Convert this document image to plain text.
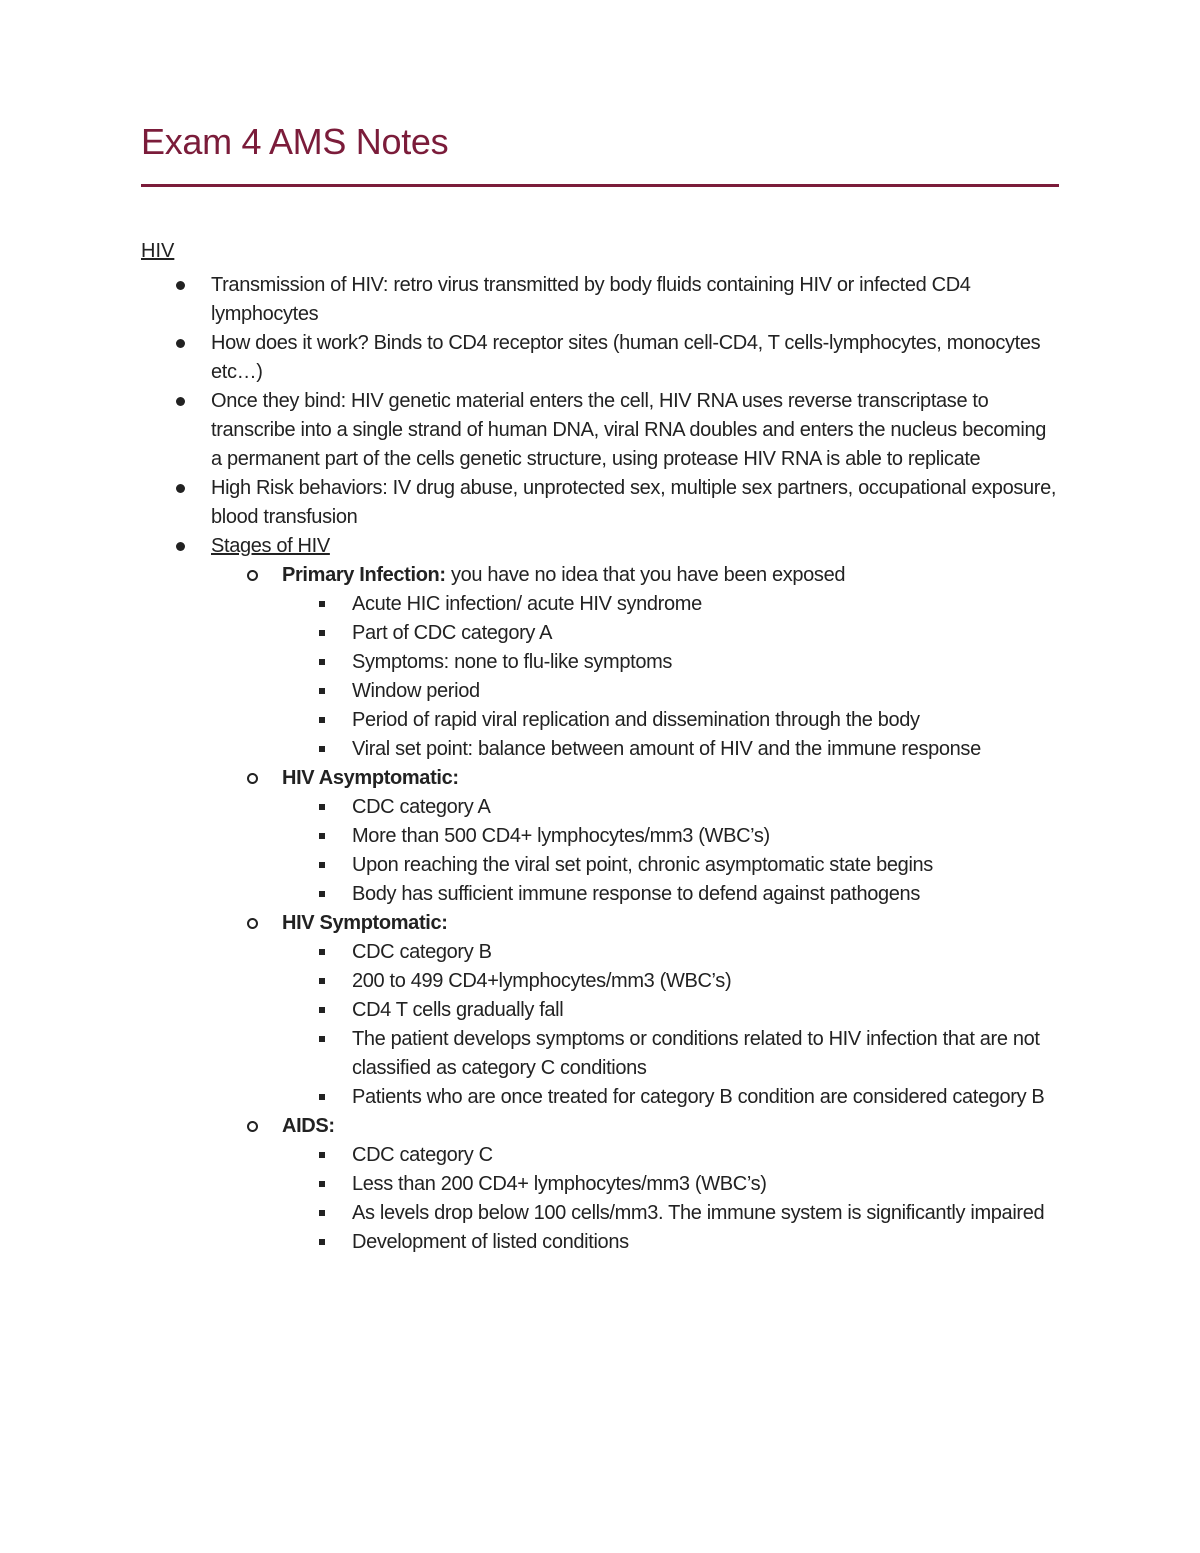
Exam 4 AMS Notes
HIV
Transmission of HIV: retro virus transmitted by body fluids containing HIV or infected CD4 lymphocytes
How does it work? Binds to CD4 receptor sites (human cell-CD4, T cells-lymphocytes, monocytes etc…)
Once they bind: HIV genetic material enters the cell, HIV RNA uses reverse transcriptase to transcribe into a single strand of human DNA, viral RNA doubles and enters the nucleus becoming a permanent part of the cells genetic structure, using protease HIV RNA is able to replicate
High Risk behaviors: IV drug abuse, unprotected sex, multiple sex partners, occupational exposure, blood transfusion
Stages of HIV
Primary Infection: you have no idea that you have been exposed
Acute HIC infection/ acute HIV syndrome
Part of CDC category A
Symptoms: none to flu-like symptoms
Window period
Period of rapid viral replication and dissemination through the body
Viral set point: balance between amount of HIV and the immune response
HIV Asymptomatic:
CDC category A
More than 500 CD4+ lymphocytes/mm3 (WBC’s)
Upon reaching the viral set point, chronic asymptomatic state begins
Body has sufficient immune response to defend against pathogens
HIV Symptomatic:
CDC category B
200 to 499 CD4+lymphocytes/mm3 (WBC’s)
CD4 T cells gradually fall
The patient develops symptoms or conditions related to HIV infection that are not classified as category C conditions
Patients who are once treated for category B condition are considered category B
AIDS:
CDC category C
Less than 200 CD4+ lymphocytes/mm3 (WBC’s)
As levels drop below 100 cells/mm3. The immune system is significantly impaired
Development of listed conditions
